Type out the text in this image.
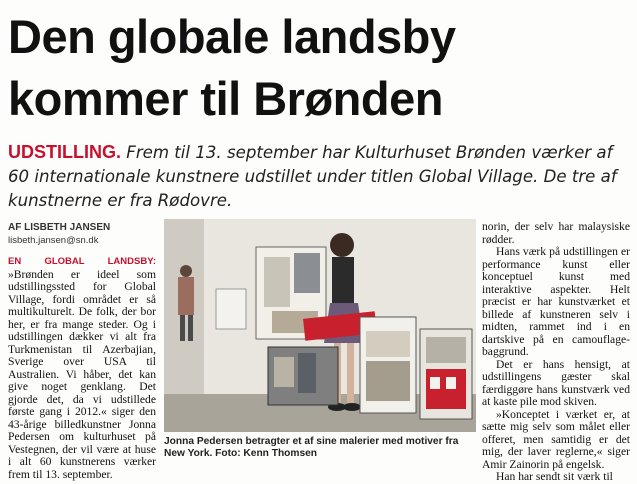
Den globale landsby
kommer til Brønden
UDSTILLING. Frem til 13. september har Kulturhuset Brønden værker af 60 internationale kunstnere udstillet under titlen Global Village. De tre af kunstnerne er fra Rødovre.
AF LISBETH JANSEN
lisbeth.jansen@sn.dk

EN GLOBAL LANDSBY: »Brønden er ideel som udstillingssted for Global Village, fordi området er så multikulturelt. De folk, der bor her, er fra mange steder. Og i udstillingen dækker vi alt fra Turkmenistan til Azerbajian, Sverige over USA til Australien. Vi håber, det kan give noget genklang. Det gjorde det, da vi udstillede første gang i 2012.« siger den 43-årige billedkunstner Jonna Pedersen om kulturhuset på Vestegnen, der vil være at huse i alt 60 kunstnerens værker frem til 13. september.

Jonna Pedersen betragter et af sine malerier med motiver fra New York. Foto: Kenn Thomsen

norin, der selv har malaysiske rødder.

Hans værk på udstillingen er performance kunst eller konceptuel kunst med interaktive aspekter. Helt præcist er har kunstværket et billede af kunstneren selv i midten, rammet ind i en dartskive på en camouflage-baggrund.

Det er hans hensigt, at udstillingens gæster skal færdiggøre hans kunstværk ved at kaste pile mod skiven.

»Konceptet i værket er, at sætte mig selv som målet eller offeret, men samtidig er det mig, der laver reglerne,« siger Amir Zainorin på engelsk.

Han har sendt sit værk til
